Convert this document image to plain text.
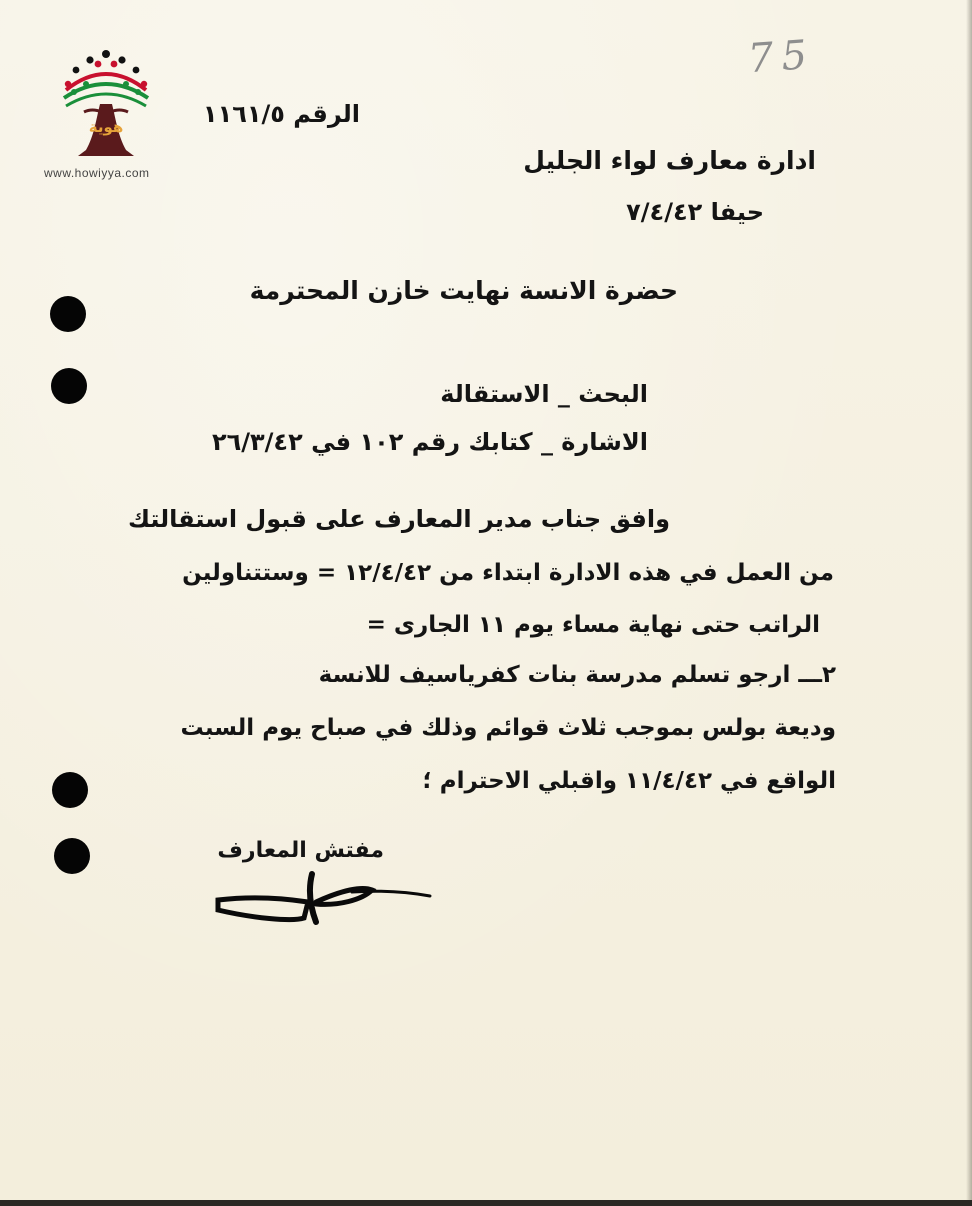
75
هوية
www.howiyya.com
الرقم ١١٦١/٥
ادارة معارف لواء الجليل
حيفا ٧/٤/٤٢
حضرة الانسة نهايت خازن المحترمة
البحث _ الاستقالة
الاشارة _ كتابك رقم ١٠٢ في ٢٦/٣/٤٢
وافق جناب مدير المعارف على قبول استقالتك
من العمل في هذه الادارة ابتداء من ١٢/٤/٤٢ = وستتناولين
الراتب حتى نهاية مساء يوم ١١ الجارى =
٢ـــ ارجو تسلم مدرسة بنات كفرياسيف للانسة
وديعة بولس بموجب ثلاث قوائم وذلك في صباح يوم السبت
الواقع في ١١/٤/٤٢ واقبلي الاحترام ؛
مفتش المعارف
